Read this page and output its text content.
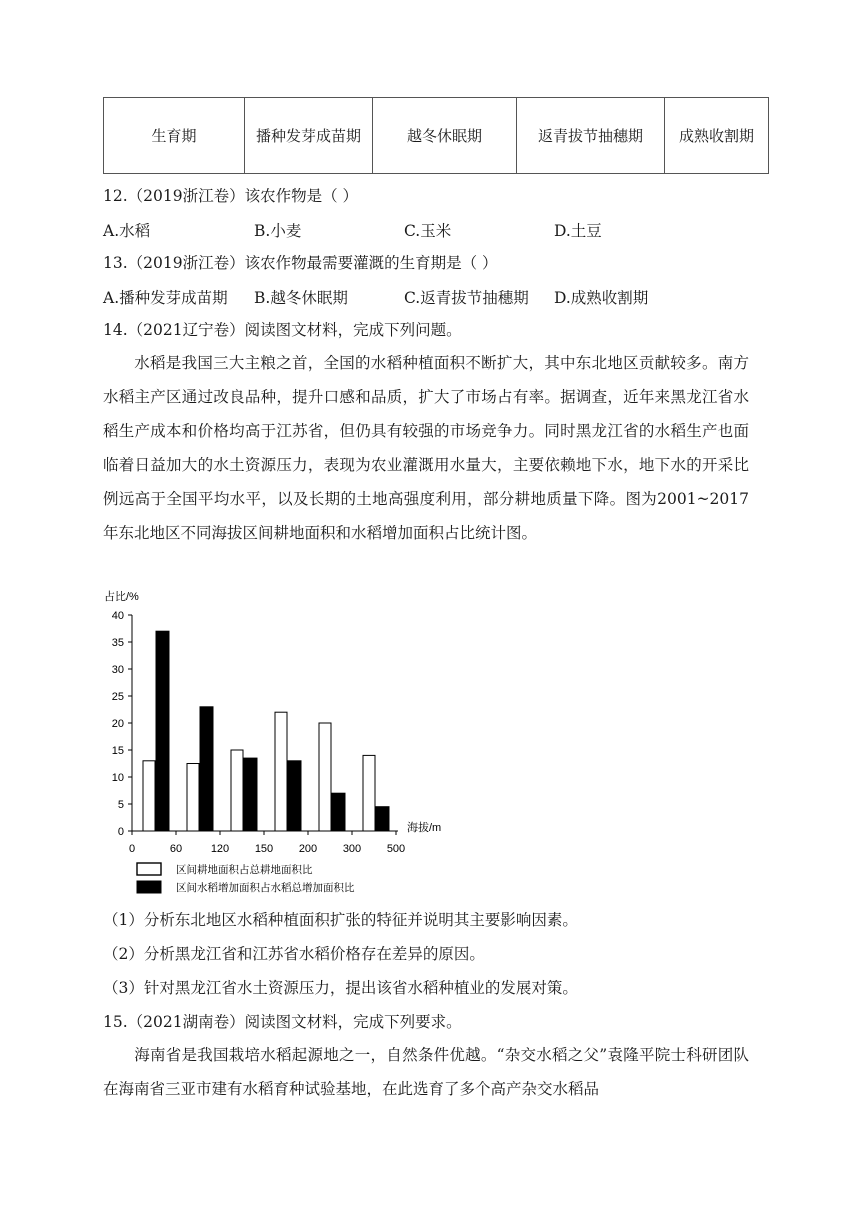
生育期	播种发芽成苗期	越冬休眠期	返青拔节抽穗期	成熟收割期
12.（2019浙江卷）该农作物是（ ）
A.水稻	B.小麦	C.玉米	D.土豆
13.（2019浙江卷）该农作物最需要灌溉的生育期是（ ）
A.播种发芽成苗期 B.越冬休眠期	C.返青拔节抽穗期 D.成熟收割期
14.（2021辽宁卷）阅读图文材料，完成下列问题。
水稻是我国三大主粮之首，全国的水稻种植面积不断扩大，其中东北地区贡献较多。南方水稻主产区通过改良品种，提升口感和品质，扩大了市场占有率。据调查，近年来黑龙江省水稻生产成本和价格均高于江苏省，但仍具有较强的市场竞争力。同时黑龙江省的水稻生产也面临着日益加大的水土资源压力，表现为农业灌溉用水量大，主要依赖地下水，地下水的开采比例远高于全国平均水平，以及长期的土地高强度利用，部分耕地质量下降。图为2001~2017年东北地区不同海拔区间耕地面积和水稻增加面积占比统计图。
0
5
10
15
20
25
30
35
40
占比/%
0	60	120 150 200 300 500
海拔/m
区间耕地面积占总耕地面积比
区间水稻增加面积占水稻总增加面积比
（1）分析东北地区水稻种植面积扩张的特征并说明其主要影响因素。
（2）分析黑龙江省和江苏省水稻价格存在差异的原因。
（3）针对黑龙江省水土资源压力，提出该省水稻种植业的发展对策。
15.（2021湖南卷）阅读图文材料，完成下列要求。
海南省是我国栽培水稻起源地之一，自然条件优越。“杂交水稻之父”袁隆平院士科研团队在海南省三亚市建有水稻育种试验基地，在此选育了多个高产杂交水稻品
